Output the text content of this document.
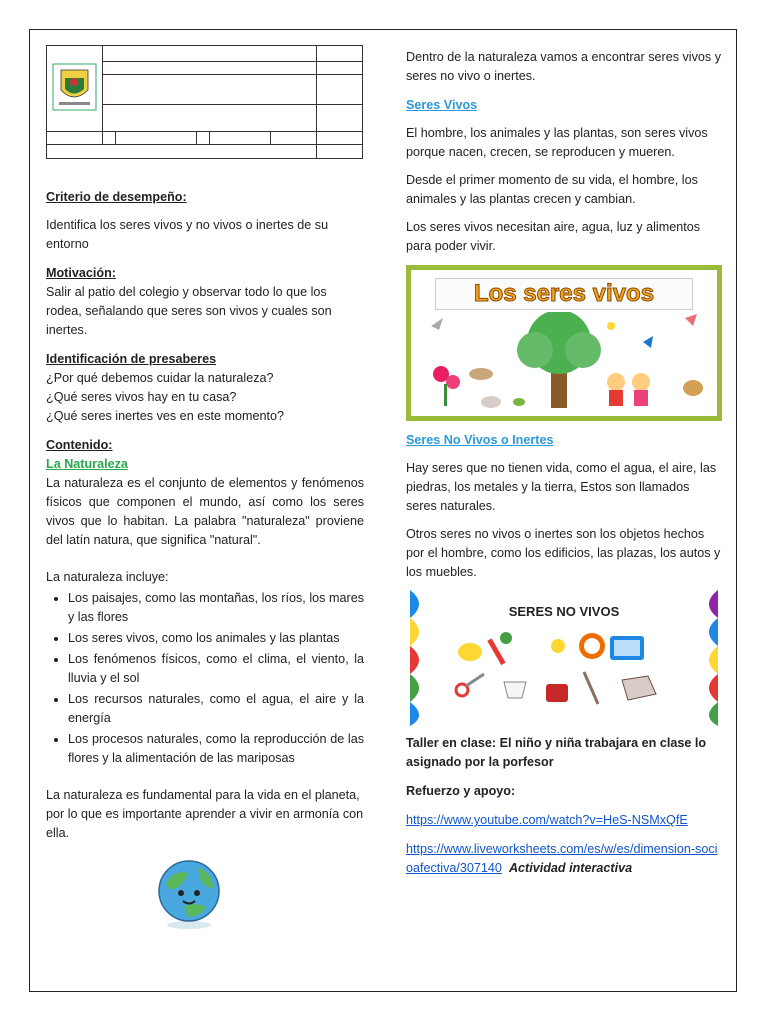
Criterio de desempeño:

Identifica los seres vivos y no vivos o inertes de su entorno

Motivación:

Salir al patio del colegio y observar todo lo que los rodea, señalando que seres son vivos y cuales son inertes.

Identificación de presaberes

¿Por qué debemos cuidar la naturaleza?

¿Qué seres vivos hay en tu casa?

¿Qué seres inertes ves en este momento?

Contenido:

La Naturaleza

La naturaleza es el conjunto de elementos y fenómenos físicos que componen el mundo, así como los seres vivos que lo habitan. La palabra "naturaleza" proviene del latín natura, que significa "natural".

La naturaleza incluye:

• Los paisajes, como las montañas, los ríos, los mares y las flores
• Los seres vivos, como los animales y las plantas
• Los fenómenos físicos, como el clima, el viento, la lluvia y el sol
• Los recursos naturales, como el agua, el aire y la energía
• Los procesos naturales, como la reproducción de las flores y la alimentación de las mariposas

La naturaleza es fundamental para la vida en el planeta, por lo que es importante aprender a vivir en armonía con ella.

Dentro de la naturaleza vamos a encontrar seres vivos y seres no vivo o inertes.

Seres Vivos

El hombre, los animales y las plantas, son seres vivos porque nacen, crecen, se reproducen y mueren.

Desde el primer momento de su vida, el hombre, los animales y las plantas crecen y cambian.

Los seres vivos necesitan aire, agua, luz y alimentos para poder vivir.

Los seres vivos

Seres No Vivos o Inertes

Hay seres que no tienen vida, como el agua, el aire, las piedras, los metales y la tierra, Estos son llamados seres naturales.

Otros seres no vivos o inertes son los objetos hechos por el hombre, como los edificios, las plazas, los autos y los muebles.

SERES NO VIVOS

Taller en clase: El niño y niña trabajara en clase lo asignado por la porfesor

Refuerzo y apoyo:

https://www.youtube.com/watch?v=HeS-NSMxQfE

https://www.liveworksheets.com/es/w/es/dimension-socioafectiva/307140 Actividad interactiva
